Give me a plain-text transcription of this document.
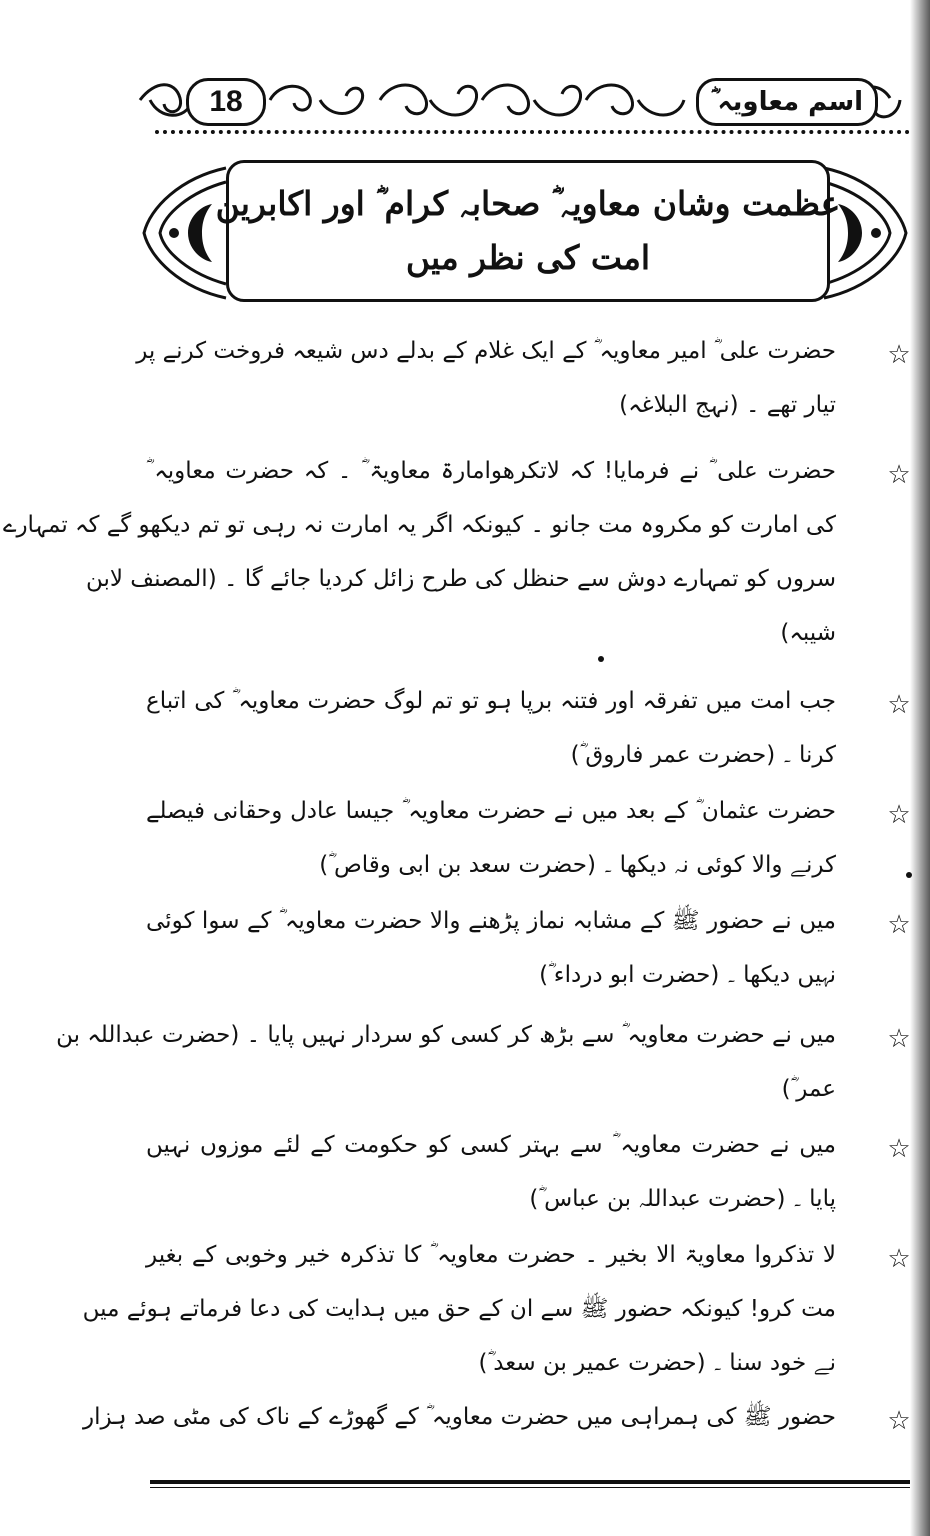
18	اسم معاویہ ؓ
عظمت وشان معاویہ ؓ صحابہ کرام ؓ اور اکابرین
امت کی نظر میں
☆
حضرت علی ؓ امیر معاویہ ؓ کے ایک غلام کے بدلے دس شیعہ فروخت کرنے پر
تیار تھے ۔ (نہج البلاغہ)
☆
حضرت علی ؓ نے فرمایا! کہ لاتکرھوامارۃ معاویۃ ؓ ۔ کہ حضرت معاویہ ؓ
کی امارت کو مکروہ مت جانو ۔ کیونکہ اگر یہ امارت نہ رہی تو تم دیکھو گے کہ تمہارے
سروں کو تمہارے دوش سے حنظل کی طرح زائل کردیا جائے گا ۔ (المصنف لابن
شیبہ)
☆
جب امت میں تفرقہ اور فتنہ برپا ہو تو تم لوگ حضرت معاویہ ؓ کی اتباع
کرنا ۔ (حضرت عمر فاروق ؓ)
☆
حضرت عثمان ؓ کے بعد میں نے حضرت معاویہ ؓ جیسا عادل وحقانی فیصلے
کرنے والا کوئی نہ دیکھا ۔ (حضرت سعد بن ابی وقاص ؓ)
☆
میں نے حضور ﷺ کے مشابہ نماز پڑھنے والا حضرت معاویہ ؓ کے سوا کوئی
نہیں دیکھا ۔ (حضرت ابو درداء ؓ)
☆
میں نے حضرت معاویہ ؓ سے بڑھ کر کسی کو سردار نہیں پایا ۔ (حضرت عبداللہ بن
عمر ؓ)
☆
میں نے حضرت معاویہ ؓ سے بہتر کسی کو حکومت کے لئے موزوں نہیں
پایا ۔ (حضرت عبداللہ بن عباس ؓ)
☆
لا تذکروا معاویۃ الا بخیر ۔ حضرت معاویہ ؓ کا تذکرہ خیر وخوبی کے بغیر
مت کرو! کیونکہ حضور ﷺ سے ان کے حق میں ہدایت کی دعا فرماتے ہوئے میں
نے خود سنا ۔ (حضرت عمیر بن سعد ؓ)
☆
حضور ﷺ کی ہمراہی میں حضرت معاویہ ؓ کے گھوڑے کے ناک کی مٹی صد ہزار
